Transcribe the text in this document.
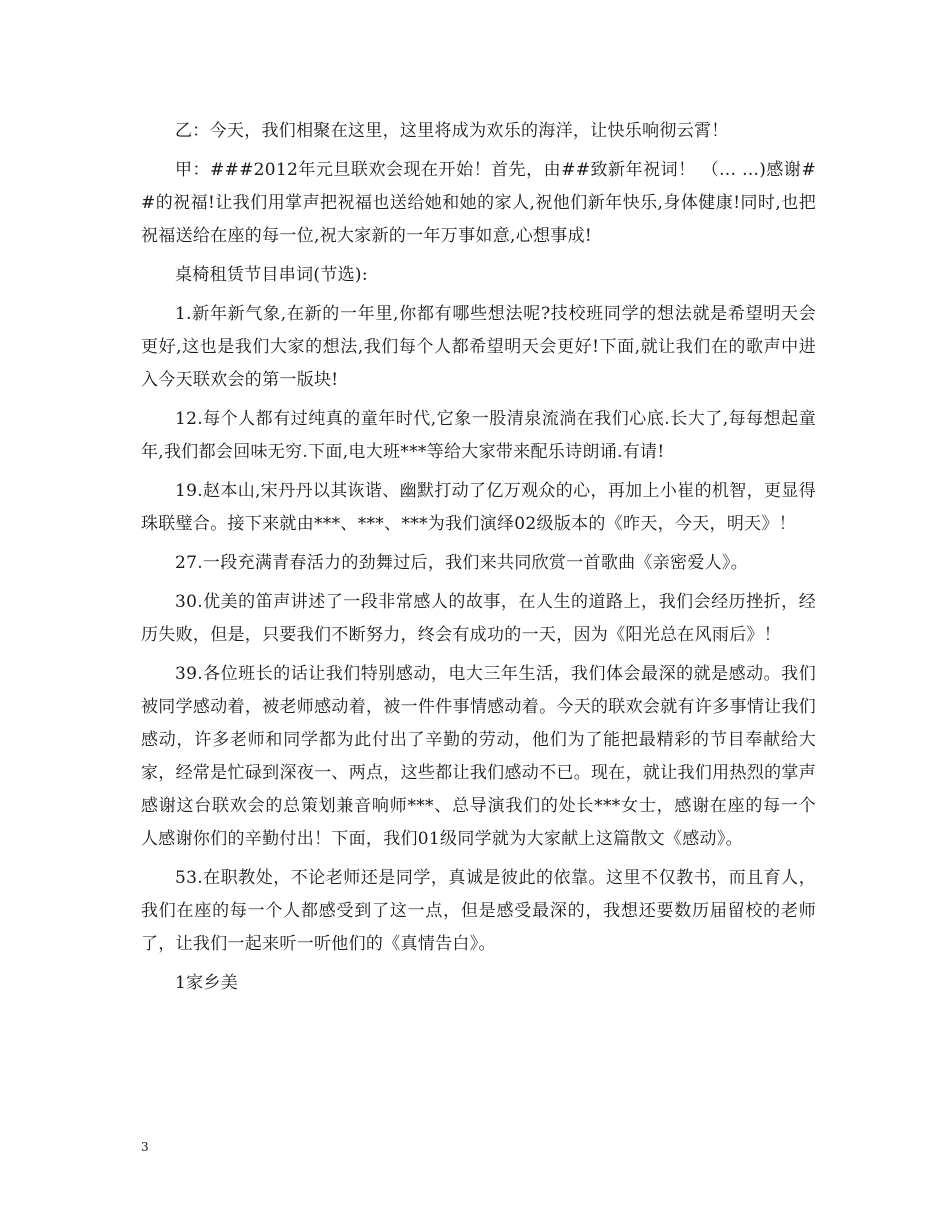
乙：今天，我们相聚在这里，这里将成为欢乐的海洋，让快乐响彻云霄！

甲：###2012年元旦联欢会现在开始！首先，由##致新年祝词！ （... ...)感谢##的祝福!让我们用掌声把祝福也送给她和她的家人,祝他们新年快乐,身体健康!同时,也把祝福送给在座的每一位,祝大家新的一年万事如意,心想事成!

桌椅租赁节目串词(节选):

1.新年新气象,在新的一年里,你都有哪些想法呢?技校班同学的想法就是希望明天会更好,这也是我们大家的想法,我们每个人都希望明天会更好!下面,就让我们在的歌声中进入今天联欢会的第一版块!

12.每个人都有过纯真的童年时代,它象一股清泉流淌在我们心底.长大了,每每想起童年,我们都会回味无穷.下面,电大班***等给大家带来配乐诗朗诵.有请!

19.赵本山,宋丹丹以其诙谐、幽默打动了亿万观众的心，再加上小崔的机智，更显得珠联璧合。接下来就由***、***、***为我们演绎02级版本的《昨天，今天，明天》！

27.一段充满青春活力的劲舞过后，我们来共同欣赏一首歌曲《亲密爱人》。

30.优美的笛声讲述了一段非常感人的故事，在人生的道路上，我们会经历挫折，经历失败，但是，只要我们不断努力，终会有成功的一天，因为《阳光总在风雨后》！

39.各位班长的话让我们特别感动，电大三年生活，我们体会最深的就是感动。我们被同学感动着，被老师感动着，被一件件事情感动着。今天的联欢会就有许多事情让我们感动，许多老师和同学都为此付出了辛勤的劳动，他们为了能把最精彩的节目奉献给大家，经常是忙碌到深夜一、两点，这些都让我们感动不已。现在，就让我们用热烈的掌声感谢这台联欢会的总策划兼音响师***、总导演我们的处长***女士，感谢在座的每一个人感谢你们的辛勤付出！下面，我们01级同学就为大家献上这篇散文《感动》。

53.在职教处，不论老师还是同学，真诚是彼此的依靠。这里不仅教书，而且育人，我们在座的每一个人都感受到了这一点，但是感受最深的，我想还要数历届留校的老师了，让我们一起来听一听他们的《真情告白》。

1家乡美

3
